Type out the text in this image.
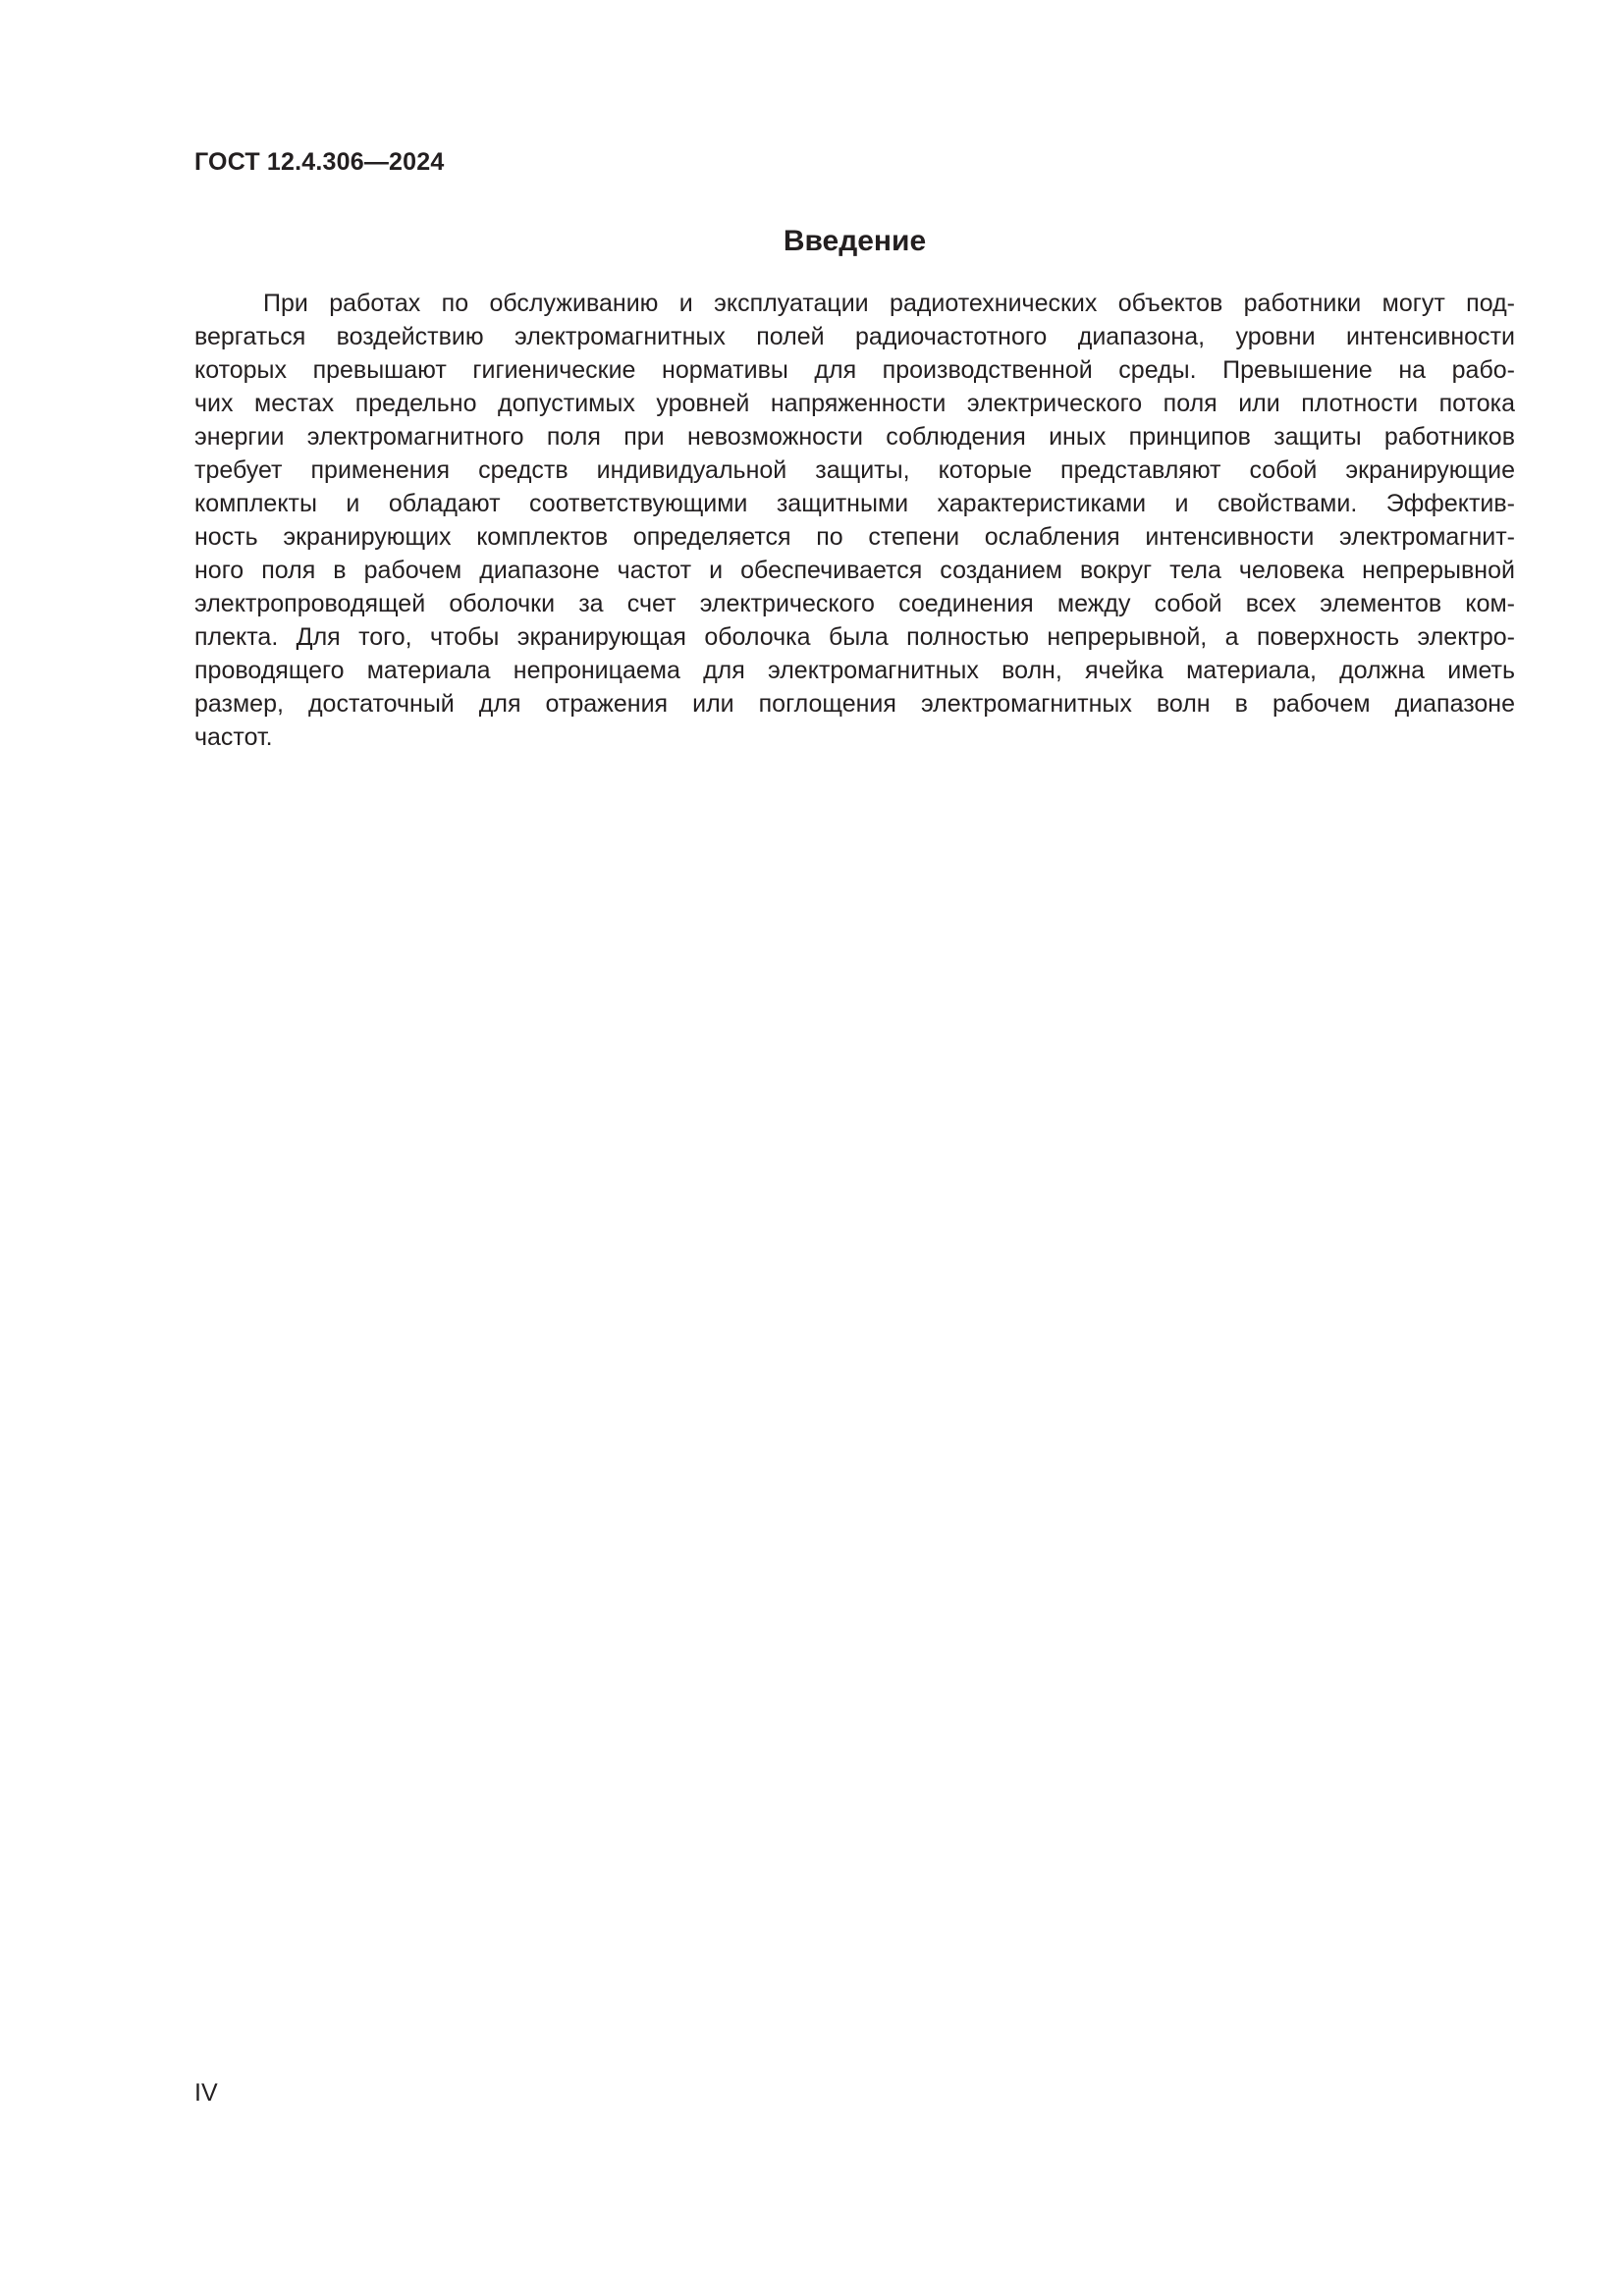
ГОСТ 12.4.306—2024
Введение
При работах по обслуживанию и эксплуатации радиотехнических объектов работники могут под-
вергаться воздействию электромагнитных полей радиочастотного диапазона, уровни интенсивности
которых превышают гигиенические нормативы для производственной среды. Превышение на рабо-
чих местах предельно допустимых уровней напряженности электрического поля или плотности потока
энергии электромагнитного поля при невозможности соблюдения иных принципов защиты работников
требует применения средств индивидуальной защиты, которые представляют собой экранирующие
комплекты и обладают соответствующими защитными характеристиками и свойствами. Эффектив-
ность экранирующих комплектов определяется по степени ослабления интенсивности электромагнит-
ного поля в рабочем диапазоне частот и обеспечивается созданием вокруг тела человека непрерывной
электропроводящей оболочки за счет электрического соединения между собой всех элементов ком-
плекта. Для того, чтобы экранирующая оболочка была полностью непрерывной, а поверхность электро-
проводящего материала непроницаема для электромагнитных волн, ячейка материала, должна иметь
размер, достаточный для отражения или поглощения электромагнитных волн в рабочем диапазоне
частот.
IV
